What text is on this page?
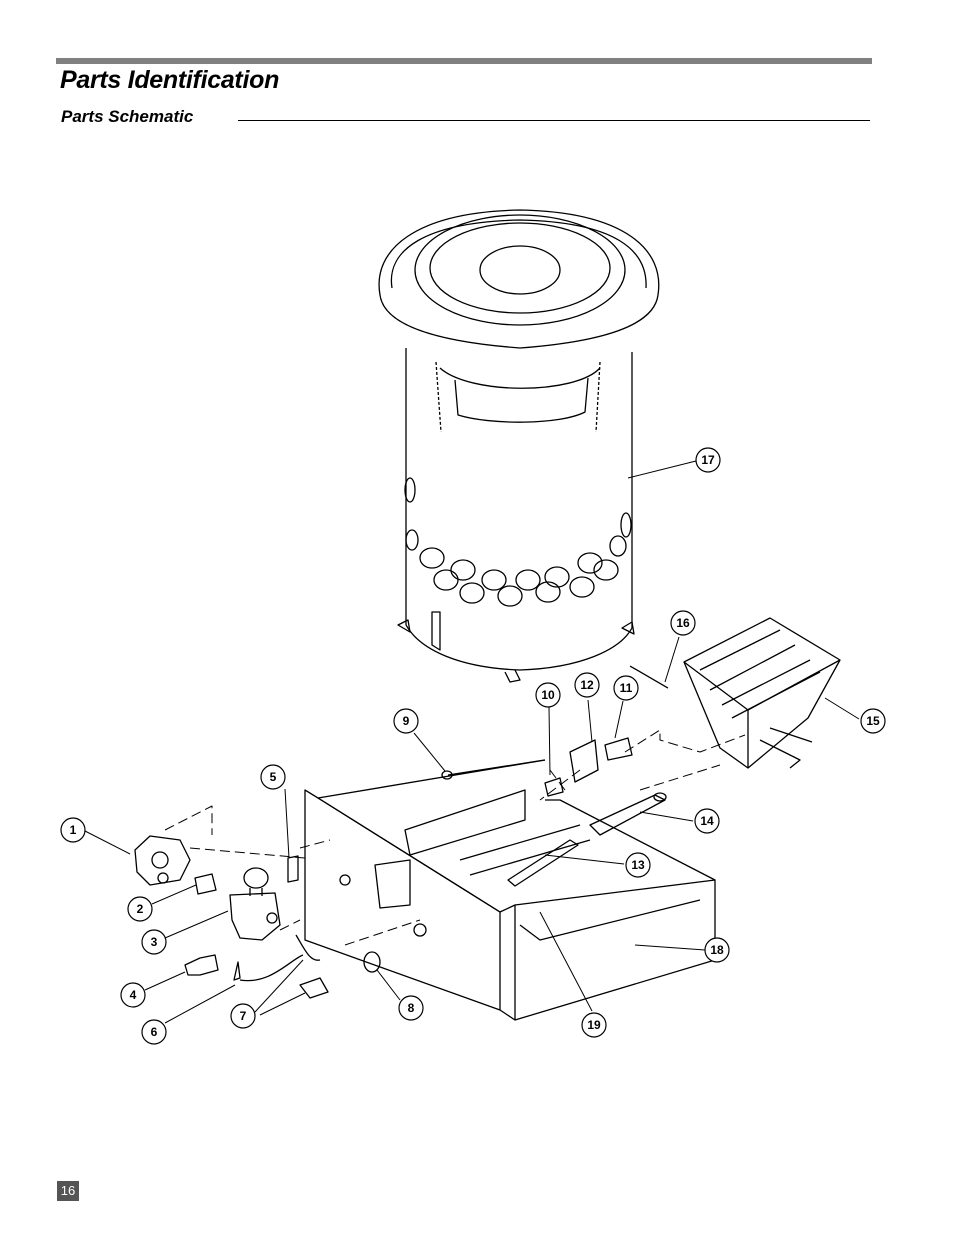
Parts Identification
Parts Schematic
1
2
3
4
5
6
7
8
9
10	11
12
13
14
15
16
17
18
19
16
